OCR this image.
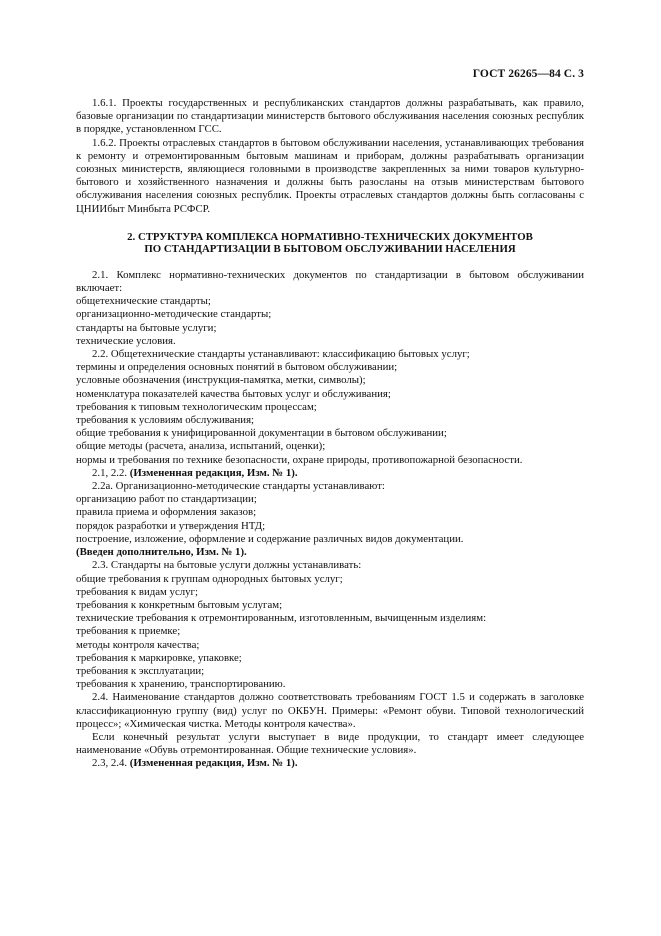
ГОСТ 26265—84 С. 3

1.6.1. Проекты государственных и республиканских стандартов должны разрабатывать, как правило, базовые организации по стандартизации министерств бытового обслуживания населения союзных республик в порядке, установленном ГСС.

1.6.2. Проекты отраслевых стандартов в бытовом обслуживании населения, устанавливающих требования к ремонту и отремонтированным бытовым машинам и приборам, должны разрабатывать организации союзных министерств, являющиеся головными в производстве закрепленных за ними товаров культурно-бытового и хозяйственного назначения и должны быть разосланы на отзыв министерствам бытового обслуживания населения союзных республик. Проекты отраслевых стандартов должны быть согласованы с ЦНИИбыт Минбыта РСФСР.

2. СТРУКТУРА КОМПЛЕКСА НОРМАТИВНО-ТЕХНИЧЕСКИХ ДОКУМЕНТОВ
ПО СТАНДАРТИЗАЦИИ В БЫТОВОМ ОБСЛУЖИВАНИИ НАСЕЛЕНИЯ

2.1. Комплекс нормативно-технических документов по стандартизации в бытовом обслуживании включает:

общетехнические стандарты;

организационно-методические стандарты;

стандарты на бытовые услуги;

технические условия.

2.2. Общетехнические стандарты устанавливают: классификацию бытовых услуг;

термины и определения основных понятий в бытовом обслуживании;

условные обозначения (инструкция-памятка, метки, символы);

номенклатура показателей качества бытовых услуг и обслуживания;

требования к типовым технологическим процессам;

требования к условиям обслуживания;

общие требования к унифицированной документации в бытовом обслуживании;

общие методы (расчета, анализа, испытаний, оценки);

нормы и требования по технике безопасности, охране природы, противопожарной безопасности.

2.1, 2.2. (Измененная редакция, Изм. № 1).

2.2а. Организационно-методические стандарты устанавливают:

организацию работ по стандартизации;

правила приема и оформления заказов;

порядок разработки и утверждения НТД;

построение, изложение, оформление и содержание различных видов документации.

(Введен дополнительно, Изм. № 1).

2.3. Стандарты на бытовые услуги должны устанавливать:

общие требования к группам однородных бытовых услуг;

требования к видам услуг;

требования к конкретным бытовым услугам;

технические требования к отремонтированным, изготовленным, вычищенным изделиям:

требования к приемке;

методы контроля качества;

требования к маркировке, упаковке;

требования к эксплуатации;

требования к хранению, транспортированию.

2.4. Наименование стандартов должно соответствовать требованиям ГОСТ 1.5 и содержать в заголовке классификационную группу (вид) услуг по ОКБУН. Примеры: «Ремонт обуви. Типовой технологический процесс»; «Химическая чистка. Методы контроля качества».

Если конечный результат услуги выступает в виде продукции, то стандарт имеет следующее наименование «Обувь отремонтированная. Общие технические условия».

2.3, 2.4. (Измененная редакция, Изм. № 1).
